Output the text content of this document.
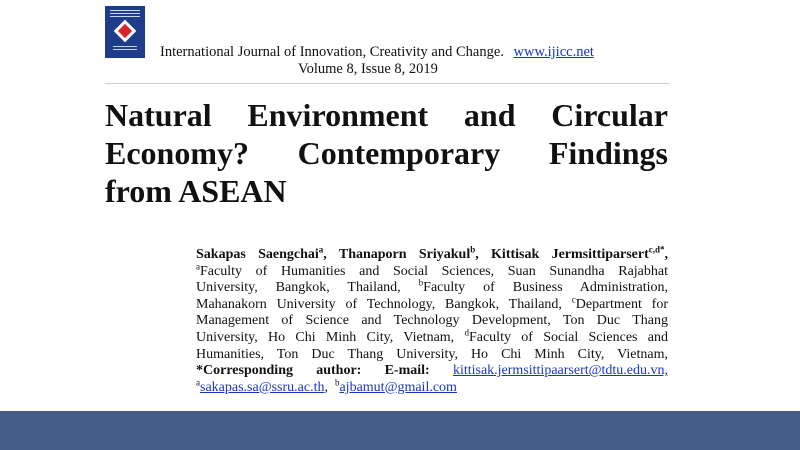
International Journal of Innovation, Creativity and Change. www.ijicc.net
Volume 8, Issue 8, 2019
Natural Environment and Circular
Economy? Contemporary Findings
from ASEAN
Sakapas Saengchai$^a$, Thanaporn Sriyakul$^b$, Kittisak Jermsittiparsert$^{c,d*}$,
$^a$Faculty of Humanities and Social Sciences, Suan Sunandha Rajabhat
University, Bangkok, Thailand, $^b$Faculty of Business Administration,
Mahanakorn University of Technology, Bangkok, Thailand, $^c$Department for
Management of Science and Technology Development, Ton Duc Thang
University, Ho Chi Minh City, Vietnam, $^d$Faculty of Social Sciences and
Humanities, Ton Duc Thang University, Ho Chi Minh City, Vietnam,
*Corresponding author: E-mail: kittisak.jermsittipaarsert@tdtu.edu.vn,
$^a$sakapas.sa@ssru.ac.th, $^b$ajbamut@gmail.com
